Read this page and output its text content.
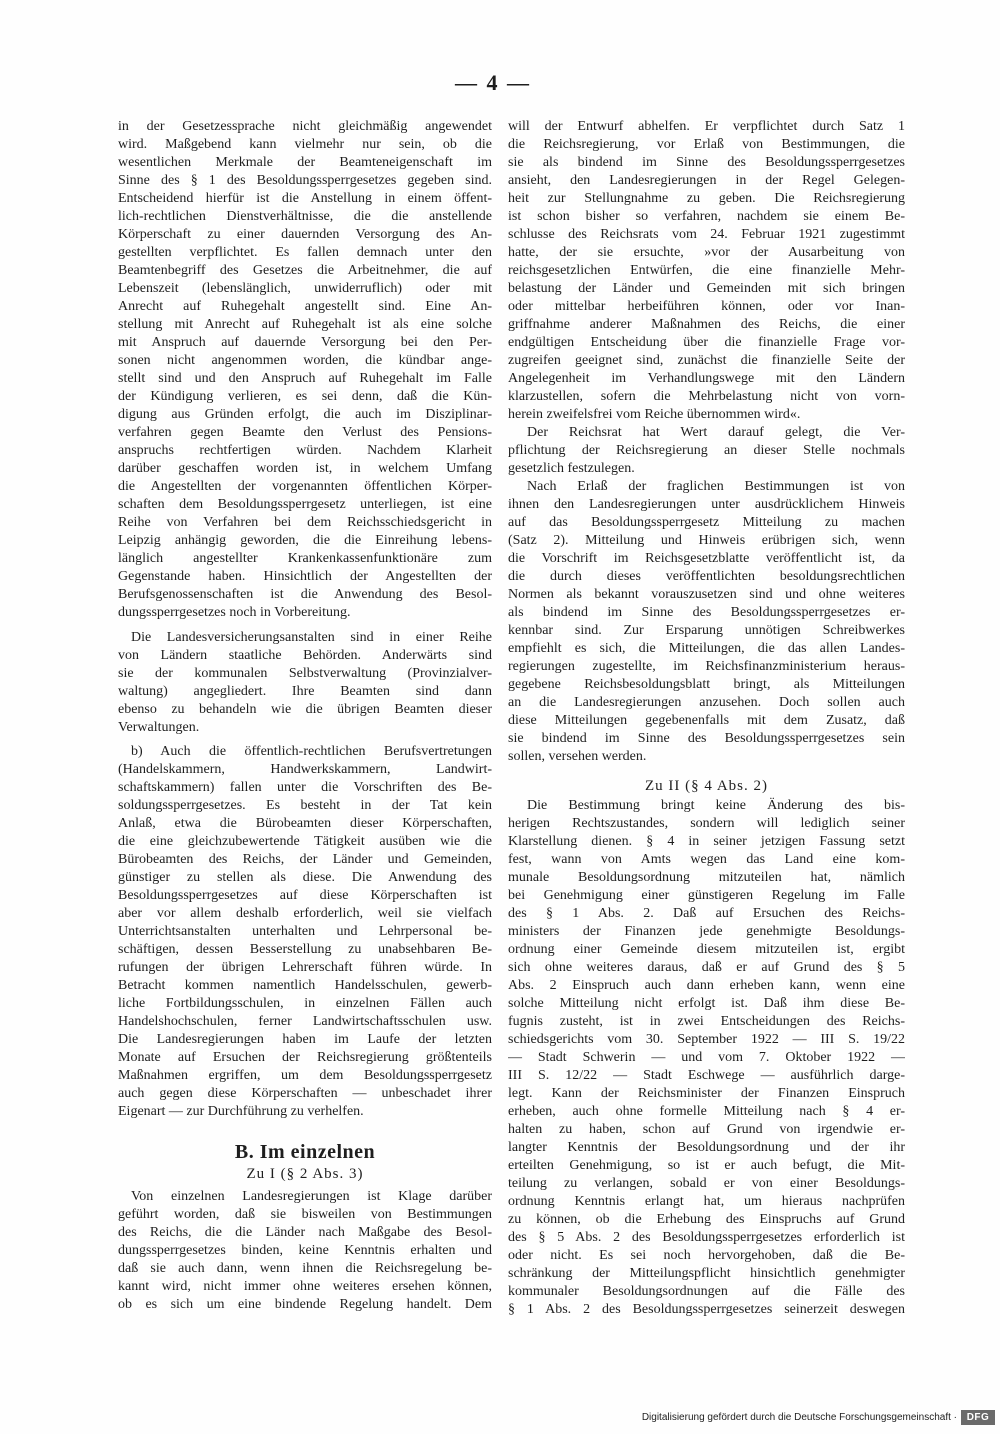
— 4 —
in der Gesetzessprache nicht gleichmäßig angewendet
wird. Maßgebend kann vielmehr nur sein, ob die
wesentlichen Merkmale der Beamteneigenschaft im
Sinne des § 1 des Besoldungssperrgesetzes gegeben sind.
Entscheidend hierfür ist die Anstellung in einem öffent-
lich-rechtlichen Dienstverhältnisse, die die anstellende
Körperschaft zu einer dauernden Versorgung des An-
gestellten verpflichtet. Es fallen demnach unter den
Beamtenbegriff des Gesetzes die Arbeitnehmer, die auf
Lebenszeit (lebenslänglich, unwiderruflich) oder mit
Anrecht auf Ruhegehalt angestellt sind. Eine An-
stellung mit Anrecht auf Ruhegehalt ist als eine solche
mit Anspruch auf dauernde Versorgung bei den Per-
sonen nicht angenommen worden, die kündbar ange-
stellt sind und den Anspruch auf Ruhegehalt im Falle
der Kündigung verlieren, es sei denn, daß die Kün-
digung aus Gründen erfolgt, die auch im Disziplinar-
verfahren gegen Beamte den Verlust des Pensions-
anspruchs rechtfertigen würden. Nachdem Klarheit
darüber geschaffen worden ist, in welchem Umfang
die Angestellten der vorgenannten öffentlichen Körper-
schaften dem Besoldungssperrgesetz unterliegen, ist eine
Reihe von Verfahren bei dem Reichsschiedsgericht in
Leipzig anhängig geworden, die die Einreihung lebens-
länglich angestellter Krankenkassenfunktionäre zum
Gegenstande haben. Hinsichtlich der Angestellten der
Berufsgenossenschaften ist die Anwendung des Besol-
dungssperrgesetzes noch in Vorbereitung.
Die Landesversicherungsanstalten sind in einer Reihe
von Ländern staatliche Behörden. Anderwärts sind
sie der kommunalen Selbstverwaltung (Provinzialver-
waltung) angegliedert. Ihre Beamten sind dann
ebenso zu behandeln wie die übrigen Beamten dieser
Verwaltungen.
b) Auch die öffentlich-rechtlichen Berufsvertretungen
(Handelskammern, Handwerkskammern, Landwirt-
schaftskammern) fallen unter die Vorschriften des Be-
soldungssperrgesetzes. Es besteht in der Tat kein
Anlaß, etwa die Bürobeamten dieser Körperschaften,
die eine gleichzubewertende Tätigkeit ausüben wie die
Bürobeamten des Reichs, der Länder und Gemeinden,
günstiger zu stellen als diese. Die Anwendung des
Besoldungssperrgesetzes auf diese Körperschaften ist
aber vor allem deshalb erforderlich, weil sie vielfach
Unterrichtsanstalten unterhalten und Lehrpersonal be-
schäftigen, dessen Besserstellung zu unabsehbaren Be-
rufungen der übrigen Lehrerschaft führen würde. In
Betracht kommen namentlich Handelsschulen, gewerb-
liche Fortbildungsschulen, in einzelnen Fällen auch
Handelshochschulen, ferner Landwirtschaftsschulen usw.
Die Landesregierungen haben im Laufe der letzten
Monate auf Ersuchen der Reichsregierung größtenteils
Maßnahmen ergriffen, um dem Besoldungssperrgesetz
auch gegen diese Körperschaften — unbeschadet ihrer
Eigenart — zur Durchführung zu verhelfen.
B. Im einzelnen
Zu I (§ 2 Abs. 3)
Von einzelnen Landesregierungen ist Klage darüber
geführt worden, daß sie bisweilen von Bestimmungen
des Reichs, die die Länder nach Maßgabe des Besol-
dungssperrgesetzes binden, keine Kenntnis erhalten und
daß sie auch dann, wenn ihnen die Reichsregelung be-
kannt wird, nicht immer ohne weiteres ersehen können,
ob es sich um eine bindende Regelung handelt. Dem
will der Entwurf abhelfen. Er verpflichtet durch Satz 1
die Reichsregierung, vor Erlaß von Bestimmungen, die
sie als bindend im Sinne des Besoldungssperrgesetzes
ansieht, den Landesregierungen in der Regel Gelegen-
heit zur Stellungnahme zu geben. Die Reichsregierung
ist schon bisher so verfahren, nachdem sie einem Be-
schlusse des Reichsrats vom 24. Februar 1921 zugestimmt
hatte, der sie ersuchte, »vor der Ausarbeitung von
reichsgesetzlichen Entwürfen, die eine finanzielle Mehr-
belastung der Länder und Gemeinden mit sich bringen
oder mittelbar herbeiführen können, oder vor Inan-
griffnahme anderer Maßnahmen des Reichs, die einer
endgültigen Entscheidung über die finanzielle Frage vor-
zugreifen geeignet sind, zunächst die finanzielle Seite der
Angelegenheit im Verhandlungswege mit den Ländern
klarzustellen, sofern die Mehrbelastung nicht von vorn-
herein zweifelsfrei vom Reiche übernommen wird«.
Der Reichsrat hat Wert darauf gelegt, die Ver-
pflichtung der Reichsregierung an dieser Stelle nochmals
gesetzlich festzulegen.
Nach Erlaß der fraglichen Bestimmungen ist von
ihnen den Landesregierungen unter ausdrücklichem Hinweis
auf das Besoldungssperrgesetz Mitteilung zu machen
(Satz 2). Mitteilung und Hinweis erübrigen sich, wenn
die Vorschrift im Reichsgesetzblatte veröffentlicht ist, da
die durch dieses veröffentlichten besoldungsrechtlichen
Normen als bekannt vorauszusetzen sind und ohne weiteres
als bindend im Sinne des Besoldungssperrgesetzes er-
kennbar sind. Zur Ersparung unnötigen Schreibwerkes
empfiehlt es sich, die Mitteilungen, die das allen Landes-
regierungen zugestellte, im Reichsfinanzministerium heraus-
gegebene Reichsbesoldungsblatt bringt, als Mitteilungen
an die Landesregierungen anzusehen. Doch sollen auch
diese Mitteilungen gegebenenfalls mit dem Zusatz, daß
sie bindend im Sinne des Besoldungssperrgesetzes sein
sollen, versehen werden.
Zu II (§ 4 Abs. 2)
Die Bestimmung bringt keine Änderung des bis-
herigen Rechtszustandes, sondern will lediglich seiner
Klarstellung dienen. § 4 in seiner jetzigen Fassung setzt
fest, wann von Amts wegen das Land eine kom-
munale Besoldungsordnung mitzuteilen hat, nämlich
bei Genehmigung einer günstigeren Regelung im Falle
des § 1 Abs. 2. Daß auf Ersuchen des Reichs-
ministers der Finanzen jede genehmigte Besoldungs-
ordnung einer Gemeinde diesem mitzuteilen ist, ergibt
sich ohne weiteres daraus, daß er auf Grund des § 5
Abs. 2 Einspruch auch dann erheben kann, wenn eine
solche Mitteilung nicht erfolgt ist. Daß ihm diese Be-
fugnis zusteht, ist in zwei Entscheidungen des Reichs-
schiedsgerichts vom 30. September 1922 — III S. 19/22
— Stadt Schwerin — und vom 7. Oktober 1922 —
III S. 12/22 — Stadt Eschwege — ausführlich darge-
legt. Kann der Reichsminister der Finanzen Einspruch
erheben, auch ohne formelle Mitteilung nach § 4 er-
halten zu haben, schon auf Grund von irgendwie er-
langter Kenntnis der Besoldungsordnung und der ihr
erteilten Genehmigung, so ist er auch befugt, die Mit-
teilung zu verlangen, sobald er von einer Besoldungs-
ordnung Kenntnis erlangt hat, um hieraus nachprüfen
zu können, ob die Erhebung des Einspruchs auf Grund
des § 5 Abs. 2 des Besoldungssperrgesetzes erforderlich ist
oder nicht. Es sei noch hervorgehoben, daß die Be-
schränkung der Mitteilungspflicht hinsichtlich genehmigter
kommunaler Besoldungsordnungen auf die Fälle des
§ 1 Abs. 2 des Besoldungssperrgesetzes seinerzeit deswegen
Digitalisierung gefördert durch die Deutsche Forschungsgemeinschaft · DFG
